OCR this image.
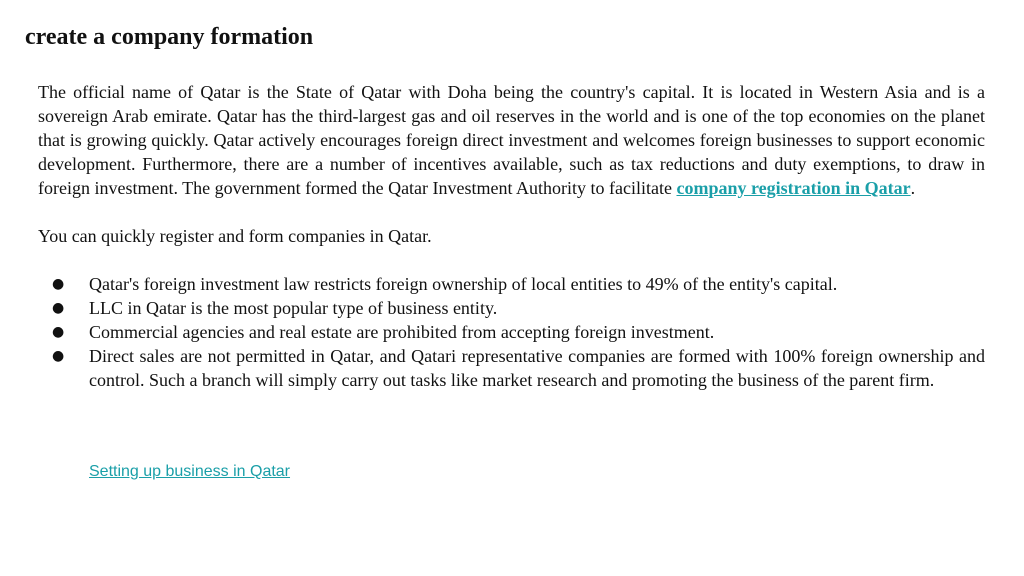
create a company formation

The official name of Qatar is the State of Qatar with Doha being the country's capital. It is located in Western Asia and is a sovereign Arab emirate. Qatar has the third-largest gas and oil reserves in the world and is one of the top economies on the planet that is growing quickly. Qatar actively encourages foreign direct investment and welcomes foreign businesses to support economic development. Furthermore, there are a number of incentives available, such as tax reductions and duty exemptions, to draw in foreign investment. The government formed the Qatar Investment Authority to facilitate company registration in Qatar.

You can quickly register and form companies in Qatar.

● Qatar's foreign investment law restricts foreign ownership of local entities to 49% of the entity's capital.
● LLC in Qatar is the most popular type of business entity.
● Commercial agencies and real estate are prohibited from accepting foreign investment.
● Direct sales are not permitted in Qatar, and Qatari representative companies are formed with 100% foreign ownership and control. Such a branch will simply carry out tasks like market research and promoting the business of the parent firm.
Setting up business in Qatar
